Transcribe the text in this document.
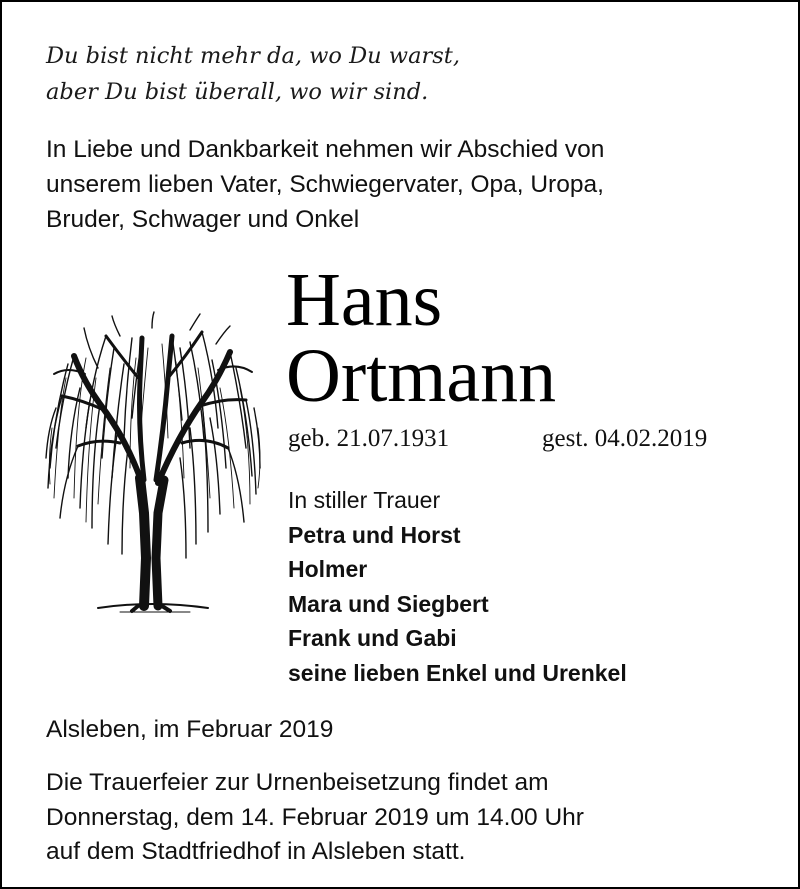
Du bist nicht mehr da, wo Du warst,
aber Du bist überall, wo wir sind.
In Liebe und Dankbarkeit nehmen wir Abschied von
unserem lieben Vater, Schwiegervater, Opa, Uropa,
Bruder, Schwager und Onkel
Hans
Ortmann
geb. 21.07.1931	gest. 04.02.2019
In stiller Trauer
Petra und Horst
Holmer
Mara und Siegbert
Frank und Gabi
seine lieben Enkel und Urenkel
Alsleben, im Februar 2019
Die Trauerfeier zur Urnenbeisetzung findet am
Donnerstag, dem 14. Februar 2019 um 14.00 Uhr
auf dem Stadtfriedhof in Alsleben statt.
